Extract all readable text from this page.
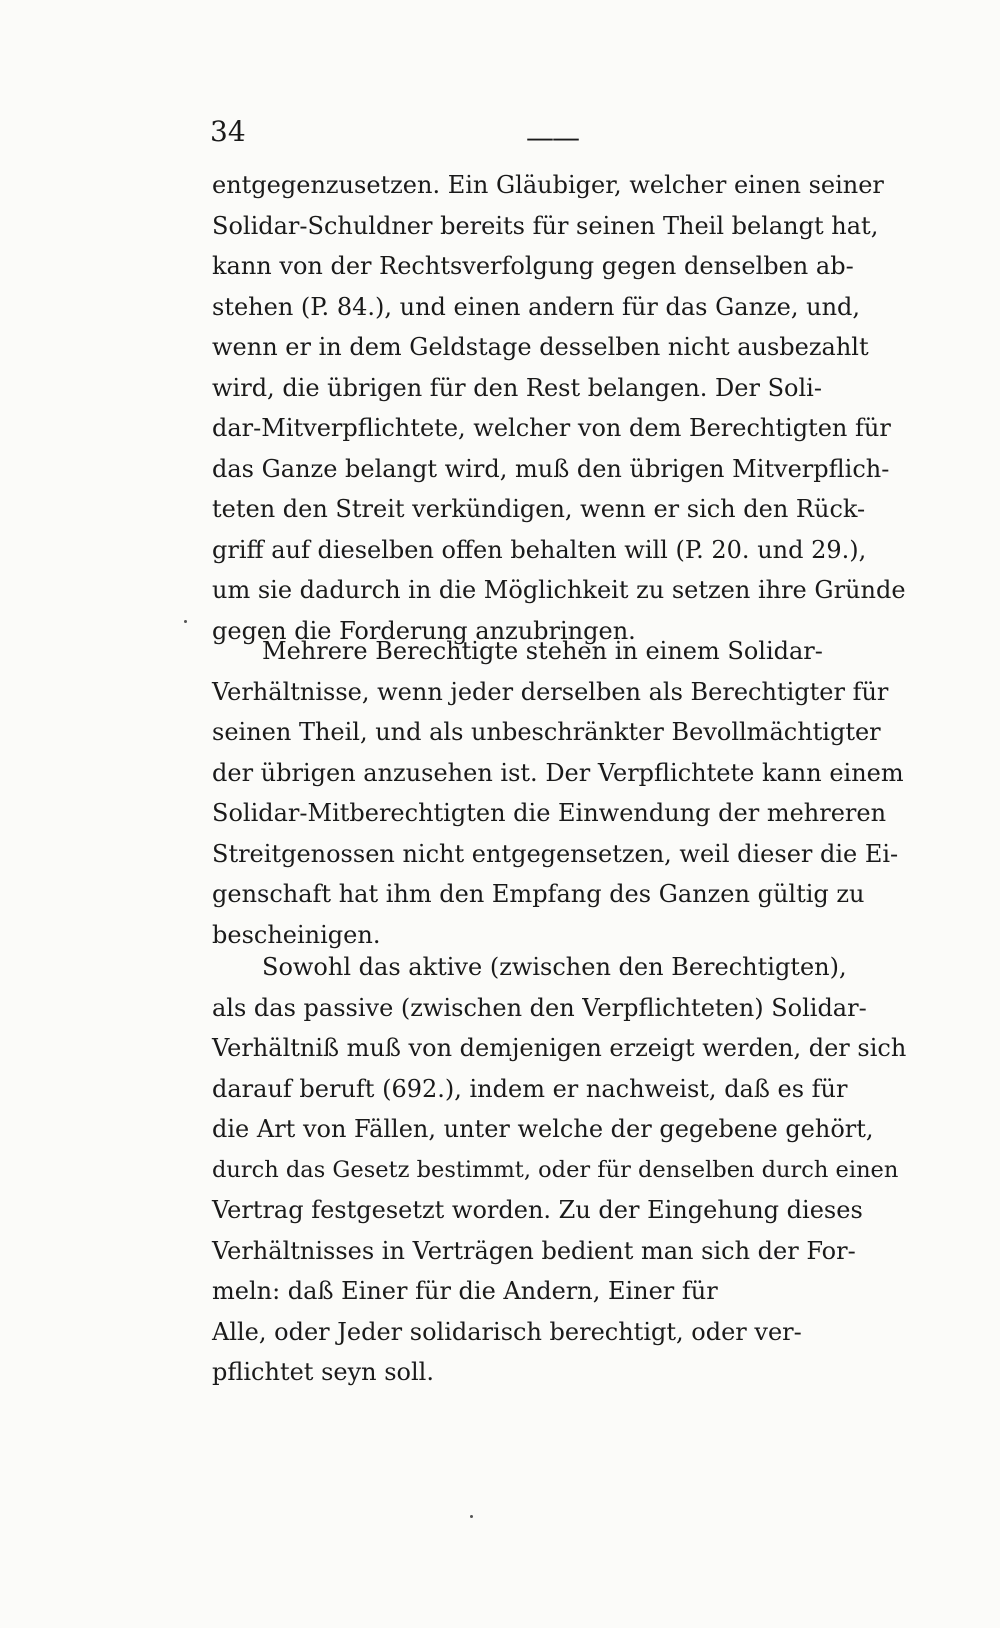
34	——
entgegenzusetzen. Ein Gläubiger, welcher einen seiner
Solidar-Schuldner bereits für seinen Theil belangt hat,
kann von der Rechtsverfolgung gegen denselben ab-
stehen (P. 84.), und einen andern für das Ganze, und,
wenn er in dem Geldstage desselben nicht ausbezahlt
wird, die übrigen für den Rest belangen. Der Soli-
dar-Mitverpflichtete, welcher von dem Berechtigten für
das Ganze belangt wird, muß den übrigen Mitverpflich-
teten den Streit verkündigen, wenn er sich den Rück-
griff auf dieselben offen behalten will (P. 20. und 29.),
um sie dadurch in die Möglichkeit zu setzen ihre Gründe
gegen die Forderung anzubringen.
Mehrere Berechtigte stehen in einem Solidar-
Verhältnisse, wenn jeder derselben als Berechtigter für
seinen Theil, und als unbeschränkter Bevollmächtigter
der übrigen anzusehen ist. Der Verpflichtete kann einem
Solidar-Mitberechtigten die Einwendung der mehreren
Streitgenossen nicht entgegensetzen, weil dieser die Ei-
genschaft hat ihm den Empfang des Ganzen gültig zu
bescheinigen.
Sowohl das aktive (zwischen den Berechtigten),
als das passive (zwischen den Verpflichteten) Solidar-
Verhältniß muß von demjenigen erzeigt werden, der sich
darauf beruft (692.), indem er nachweist, daß es für
die Art von Fällen, unter welche der gegebene gehört,
durch das Gesetz bestimmt, oder für denselben durch einen
Vertrag festgesetzt worden. Zu der Eingehung dieses
Verhältnisses in Verträgen bedient man sich der For-
meln: daß Einer für die Andern, Einer für
Alle, oder Jeder solidarisch berechtigt, oder ver-
pflichtet seyn soll.
